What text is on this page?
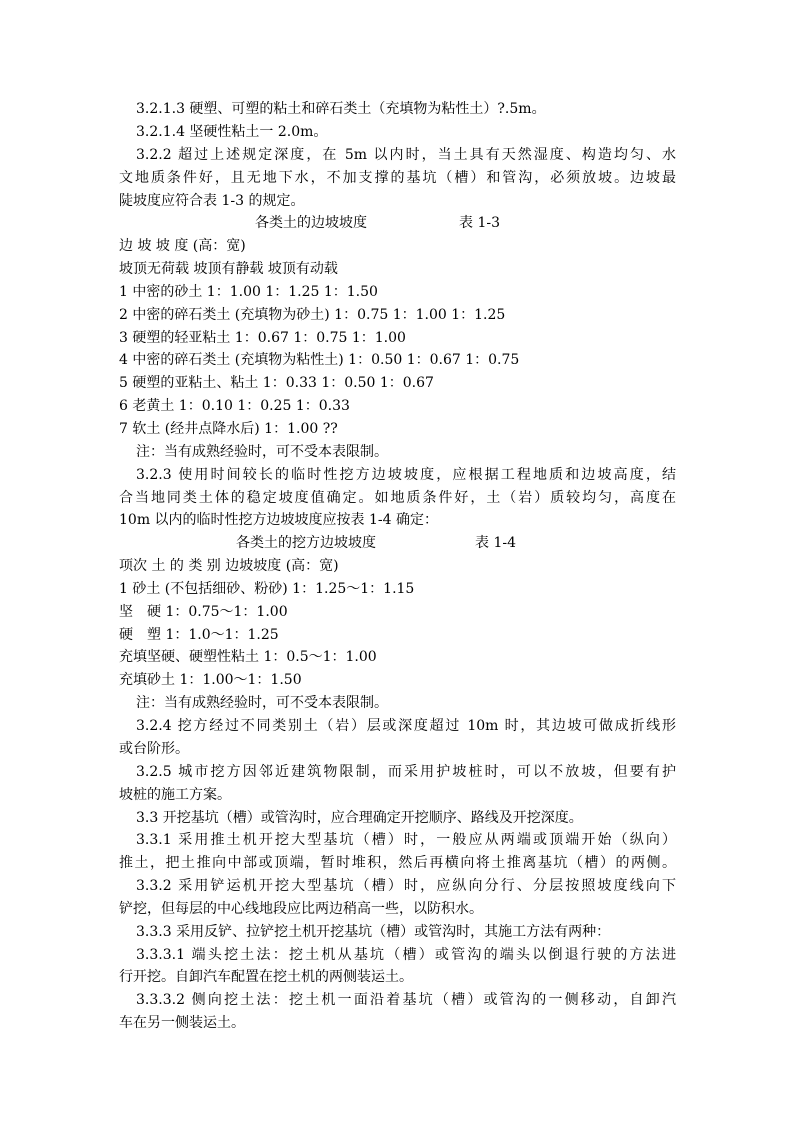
3.2.1.3 硬塑、可塑的粘土和碎石类土（充填物为粘性土）?.5m。
3.2.1.4 坚硬性粘土一 2.0m。
3.2.2 超过上述规定深度，在 5m 以内时，当土具有天然湿度、构造均匀、水
文地质条件好，且无地下水，不加支撑的基坑（槽）和管沟，必须放坡。边坡最
陡坡度应符合表 1-3 的规定。
各类土的边坡坡度	表 1-3
边 坡 坡 度 (高：宽)
坡顶无荷载 坡顶有静载 坡顶有动载
1 中密的砂土 1：1.00 1：1.25 1：1.50
2 中密的碎石类土 (充填物为砂土) 1：0.75 1：1.00 1：1.25
3 硬塑的轻亚粘土 1：0.67 1：0.75 1：1.00
4 中密的碎石类土 (充填物为粘性土) 1：0.50 1：0.67 1：0.75
5 硬塑的亚粘土、粘土 1：0.33 1：0.50 1：0.67
6 老黄土 1：0.10 1：0.25 1：0.33
7 软土 (经井点降水后) 1：1.00 ??
注：当有成熟经验时，可不受本表限制。
3.2.3 使用时间较长的临时性挖方边坡坡度，应根据工程地质和边坡高度，结
合当地同类土体的稳定坡度值确定。如地质条件好，土（岩）质较均匀，高度在
10m 以内的临时性挖方边坡坡度应按表 1-4 确定：
各类土的挖方边坡坡度	表 1-4
项次 土 的 类 别 边坡坡度 (高：宽)
1 砂土 (不包括细砂、粉砂) 1：1.25～1：1.15
坚　硬 1：0.75～1：1.00
硬　塑 1：1.0～1：1.25
充填坚硬、硬塑性粘土 1：0.5～1：1.00
充填砂土 1：1.00～1：1.50
注：当有成熟经验时，可不受本表限制。
3.2.4 挖方经过不同类别土（岩）层或深度超过 10m 时，其边坡可做成折线形
或台阶形。
3.2.5 城市挖方因邻近建筑物限制，而采用护坡桩时，可以不放坡，但要有护
坡桩的施工方案。
3.3 开挖基坑（槽）或管沟时，应合理确定开挖顺序、路线及开挖深度。
3.3.1 采用推土机开挖大型基坑（槽）时，一般应从两端或顶端开始（纵向）
推土，把土推向中部或顶端，暂时堆积，然后再横向将土推离基坑（槽）的两侧。
3.3.2 采用铲运机开挖大型基坑（槽）时，应纵向分行、分层按照坡度线向下
铲挖，但每层的中心线地段应比两边稍高一些，以防积水。
3.3.3 采用反铲、拉铲挖土机开挖基坑（槽）或管沟时，其施工方法有两种：
3.3.3.1 端头挖土法：挖土机从基坑（槽）或管沟的端头以倒退行驶的方法进
行开挖。自卸汽车配置在挖土机的两侧装运土。
3.3.3.2 侧向挖土法：挖土机一面沿着基坑（槽）或管沟的一侧移动，自卸汽
车在另一侧装运土。
